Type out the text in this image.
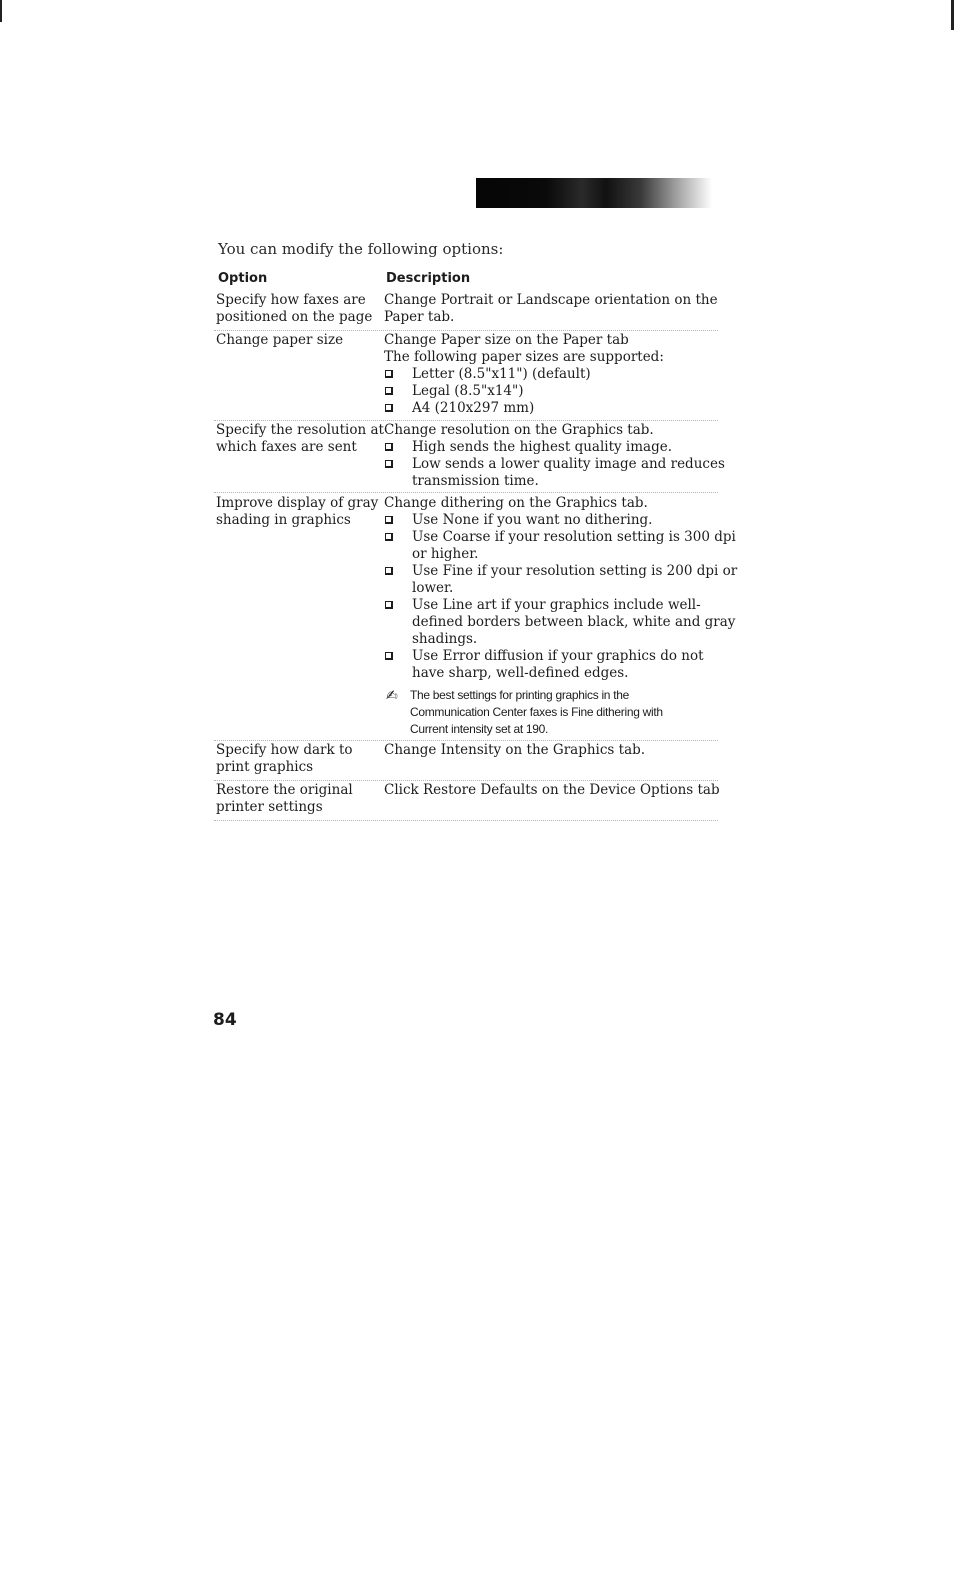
You can modify the following options:
Option	Description
Specify how faxes are
positioned on the page
Change Portrait or Landscape orientation on the
Paper tab.
Change paper size	Change Paper size on the Paper tab
The following paper sizes are supported:
Letter (8.5"x11") (default)
Legal (8.5"x14")
A4 (210x297 mm)
Specify the resolution at
which faxes are sent
Change resolution on the Graphics tab.
High sends the highest quality image.
Low sends a lower quality image and reduces
transmission time.
Improve display of gray
shading in graphics
Change dithering on the Graphics tab.
Use None if you want no dithering.
Use Coarse if your resolution setting is 300 dpi
or higher.
Use Fine if your resolution setting is 200 dpi or
lower.
Use Line art if your graphics include well-
defined borders between black, white and gray
shadings.
Use Error diffusion if your graphics do not
have sharp, well-defined edges.
✍ The best settings for printing graphics in the
Communication Center faxes is Fine dithering with
Current intensity set at 190.
Specify how dark to
print graphics
Change Intensity on the Graphics tab.
Restore the original
printer settings
Click Restore Defaults on the Device Options tab
84
